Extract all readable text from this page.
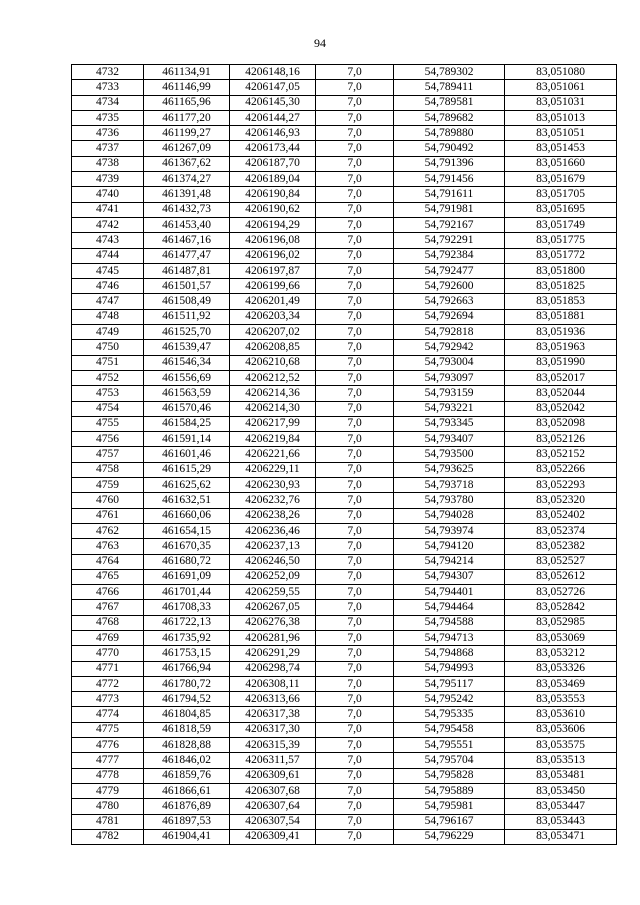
94
4732	461134,91	4206148,16	7,0	54,789302	83,051080
4733	461146,99	4206147,05	7,0	54,789411	83,051061
4734	461165,96	4206145,30	7,0	54,789581	83,051031
4735	461177,20	4206144,27	7,0	54,789682	83,051013
4736	461199,27	4206146,93	7,0	54,789880	83,051051
4737	461267,09	4206173,44	7,0	54,790492	83,051453
4738	461367,62	4206187,70	7,0	54,791396	83,051660
4739	461374,27	4206189,04	7,0	54,791456	83,051679
4740	461391,48	4206190,84	7,0	54,791611	83,051705
4741	461432,73	4206190,62	7,0	54,791981	83,051695
4742	461453,40	4206194,29	7,0	54,792167	83,051749
4743	461467,16	4206196,08	7,0	54,792291	83,051775
4744	461477,47	4206196,02	7,0	54,792384	83,051772
4745	461487,81	4206197,87	7,0	54,792477	83,051800
4746	461501,57	4206199,66	7,0	54,792600	83,051825
4747	461508,49	4206201,49	7,0	54,792663	83,051853
4748	461511,92	4206203,34	7,0	54,792694	83,051881
4749	461525,70	4206207,02	7,0	54,792818	83,051936
4750	461539,47	4206208,85	7,0	54,792942	83,051963
4751	461546,34	4206210,68	7,0	54,793004	83,051990
4752	461556,69	4206212,52	7,0	54,793097	83,052017
4753	461563,59	4206214,36	7,0	54,793159	83,052044
4754	461570,46	4206214,30	7,0	54,793221	83,052042
4755	461584,25	4206217,99	7,0	54,793345	83,052098
4756	461591,14	4206219,84	7,0	54,793407	83,052126
4757	461601,46	4206221,66	7,0	54,793500	83,052152
4758	461615,29	4206229,11	7,0	54,793625	83,052266
4759	461625,62	4206230,93	7,0	54,793718	83,052293
4760	461632,51	4206232,76	7,0	54,793780	83,052320
4761	461660,06	4206238,26	7,0	54,794028	83,052402
4762	461654,15	4206236,46	7,0	54,793974	83,052374
4763	461670,35	4206237,13	7,0	54,794120	83,052382
4764	461680,72	4206246,50	7,0	54,794214	83,052527
4765	461691,09	4206252,09	7,0	54,794307	83,052612
4766	461701,44	4206259,55	7,0	54,794401	83,052726
4767	461708,33	4206267,05	7,0	54,794464	83,052842
4768	461722,13	4206276,38	7,0	54,794588	83,052985
4769	461735,92	4206281,96	7,0	54,794713	83,053069
4770	461753,15	4206291,29	7,0	54,794868	83,053212
4771	461766,94	4206298,74	7,0	54,794993	83,053326
4772	461780,72	4206308,11	7,0	54,795117	83,053469
4773	461794,52	4206313,66	7,0	54,795242	83,053553
4774	461804,85	4206317,38	7,0	54,795335	83,053610
4775	461818,59	4206317,30	7,0	54,795458	83,053606
4776	461828,88	4206315,39	7,0	54,795551	83,053575
4777	461846,02	4206311,57	7,0	54,795704	83,053513
4778	461859,76	4206309,61	7,0	54,795828	83,053481
4779	461866,61	4206307,68	7,0	54,795889	83,053450
4780	461876,89	4206307,64	7,0	54,795981	83,053447
4781	461897,53	4206307,54	7,0	54,796167	83,053443
4782	461904,41	4206309,41	7,0	54,796229	83,053471
